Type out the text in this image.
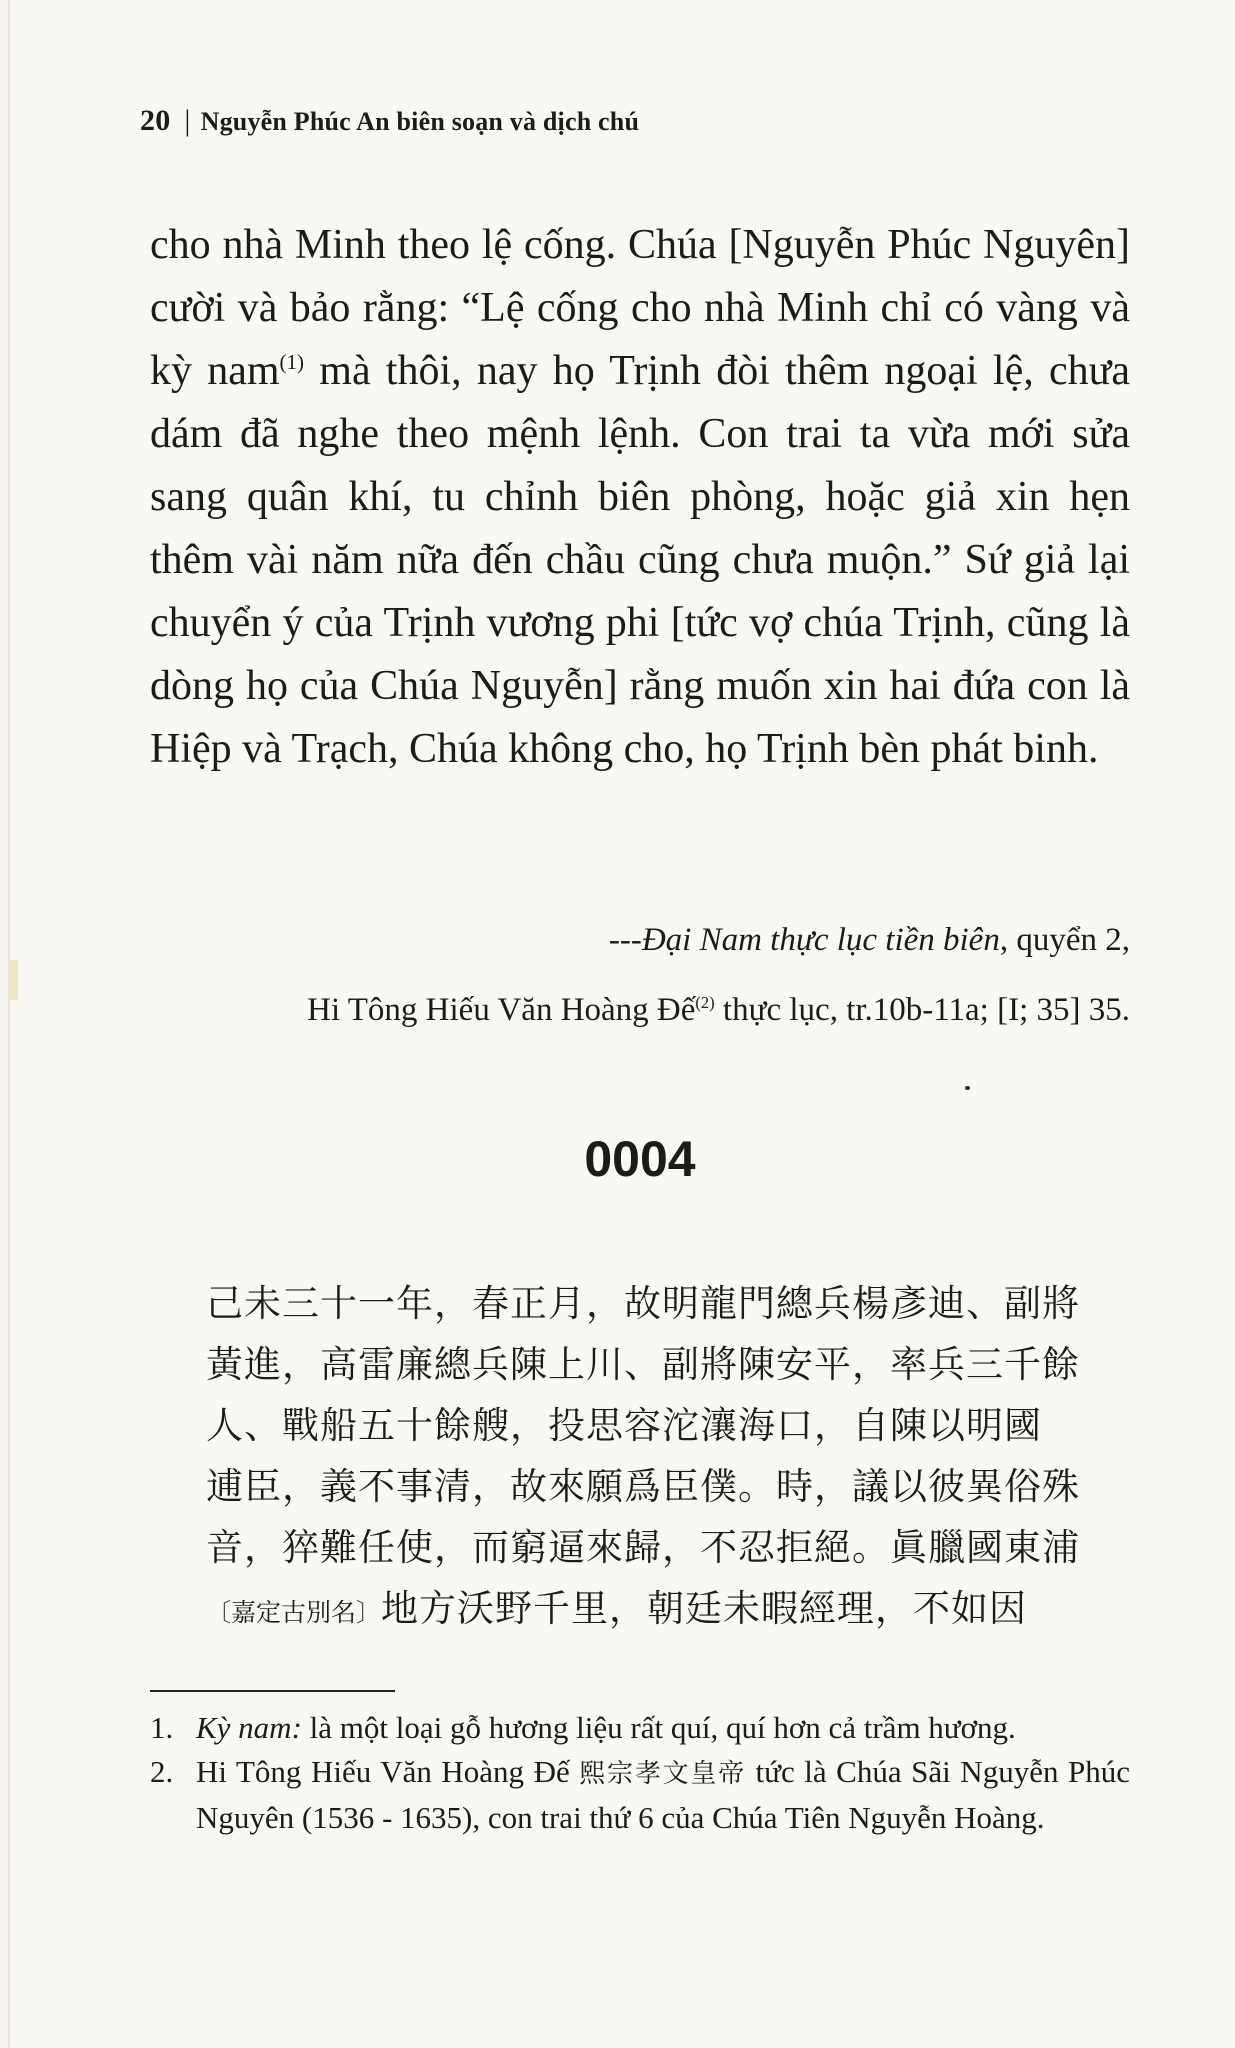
20 | Nguyễn Phúc An biên soạn và dịch chú
cho nhà Minh theo lệ cống. Chúa [Nguyễn Phúc Nguyên] cười và bảo rằng: “Lệ cống cho nhà Minh chỉ có vàng và kỳ nam$^{(1)}$ mà thôi, nay họ Trịnh đòi thêm ngoại lệ, chưa dám đã nghe theo mệnh lệnh. Con trai ta vừa mới sửa sang quân khí, tu chỉnh biên phòng, hoặc giả xin hẹn thêm vài năm nữa đến chầu cũng chưa muộn.” Sứ giả lại chuyển ý của Trịnh vương phi [tức vợ chúa Trịnh, cũng là dòng họ của Chúa Nguyễn] rằng muốn xin hai đứa con là Hiệp và Trạch, Chúa không cho, họ Trịnh bèn phát binh.
---Đại Nam thực lục tiền biên, quyển 2,
Hi Tông Hiếu Văn Hoàng Đế$^{(2)}$ thực lục, tr.10b-11a; [I; 35] 35.
0004
己未三十一年，春正月，故明龍門總兵楊彥迪、副將
黃進，高雷廉總兵陳上川、副將陳安平，率兵三千餘
人、戰船五十餘艘，投思容沱瀼海口，自陳以明國
逋臣，義不事清，故來願爲臣僕。時，議以彼異俗殊
音，猝難任使，而窮逼來歸，不忍拒絕。眞臘國東浦
〔嘉定古別名〕地方沃野千里，朝廷未暇經理，不如因
1. Kỳ nam: là một loại gỗ hương liệu rất quí, quí hơn cả trầm hương.
2. Hi Tông Hiếu Văn Hoàng Đế 熙宗孝文皇帝 tức là Chúa Sãi Nguyễn Phúc Nguyên (1536 - 1635), con trai thứ 6 của Chúa Tiên Nguyễn Hoàng.
